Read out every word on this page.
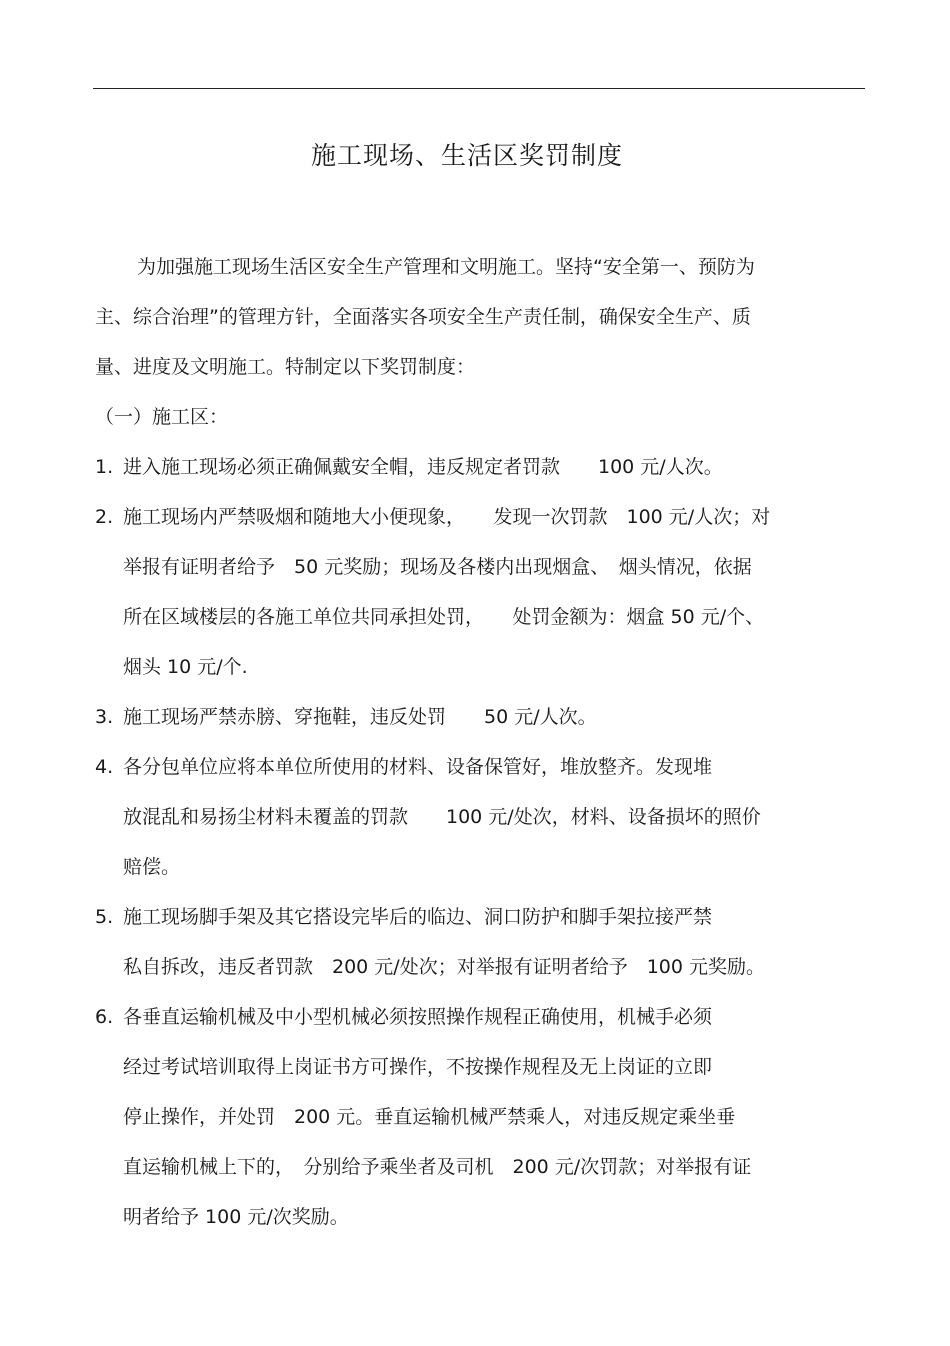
施工现场、生活区奖罚制度
为加强施工现场生活区安全生产管理和文明施工。坚持“安全第一、预防为
主、综合治理”的管理方针，全面落实各项安全生产责任制，确保安全生产、质
量、进度及文明施工。特制定以下奖罚制度：
（一）施工区：
1. 进入施工现场必须正确佩戴安全帽，违反规定者罚款　　100 元/人次。
2. 施工现场内严禁吸烟和随地大小便现象，　　发现一次罚款　100 元/人次；对
举报有证明者给予　50 元奖励；现场及各楼内出现烟盒、　烟头情况，依据
所在区域楼层的各施工单位共同承担处罚，　　处罚金额为：烟盒 50 元/个、
烟头 10 元/个.
3. 施工现场严禁赤膀、穿拖鞋，违反处罚　　50 元/人次。
4. 各分包单位应将本单位所使用的材料、设备保管好，堆放整齐。发现堆
放混乱和易扬尘材料未覆盖的罚款　　100 元/处次，材料、设备损坏的照价
赔偿。
5. 施工现场脚手架及其它搭设完毕后的临边、洞口防护和脚手架拉接严禁
私自拆改，违反者罚款　200 元/处次；对举报有证明者给予　100 元奖励。
6. 各垂直运输机械及中小型机械必须按照操作规程正确使用，机械手必须
经过考试培训取得上岗证书方可操作，不按操作规程及无上岗证的立即
停止操作，并处罚　200 元。垂直运输机械严禁乘人，对违反规定乘坐垂
直运输机械上下的，　分别给予乘坐者及司机　200 元/次罚款；对举报有证
明者给予 100 元/次奖励。
